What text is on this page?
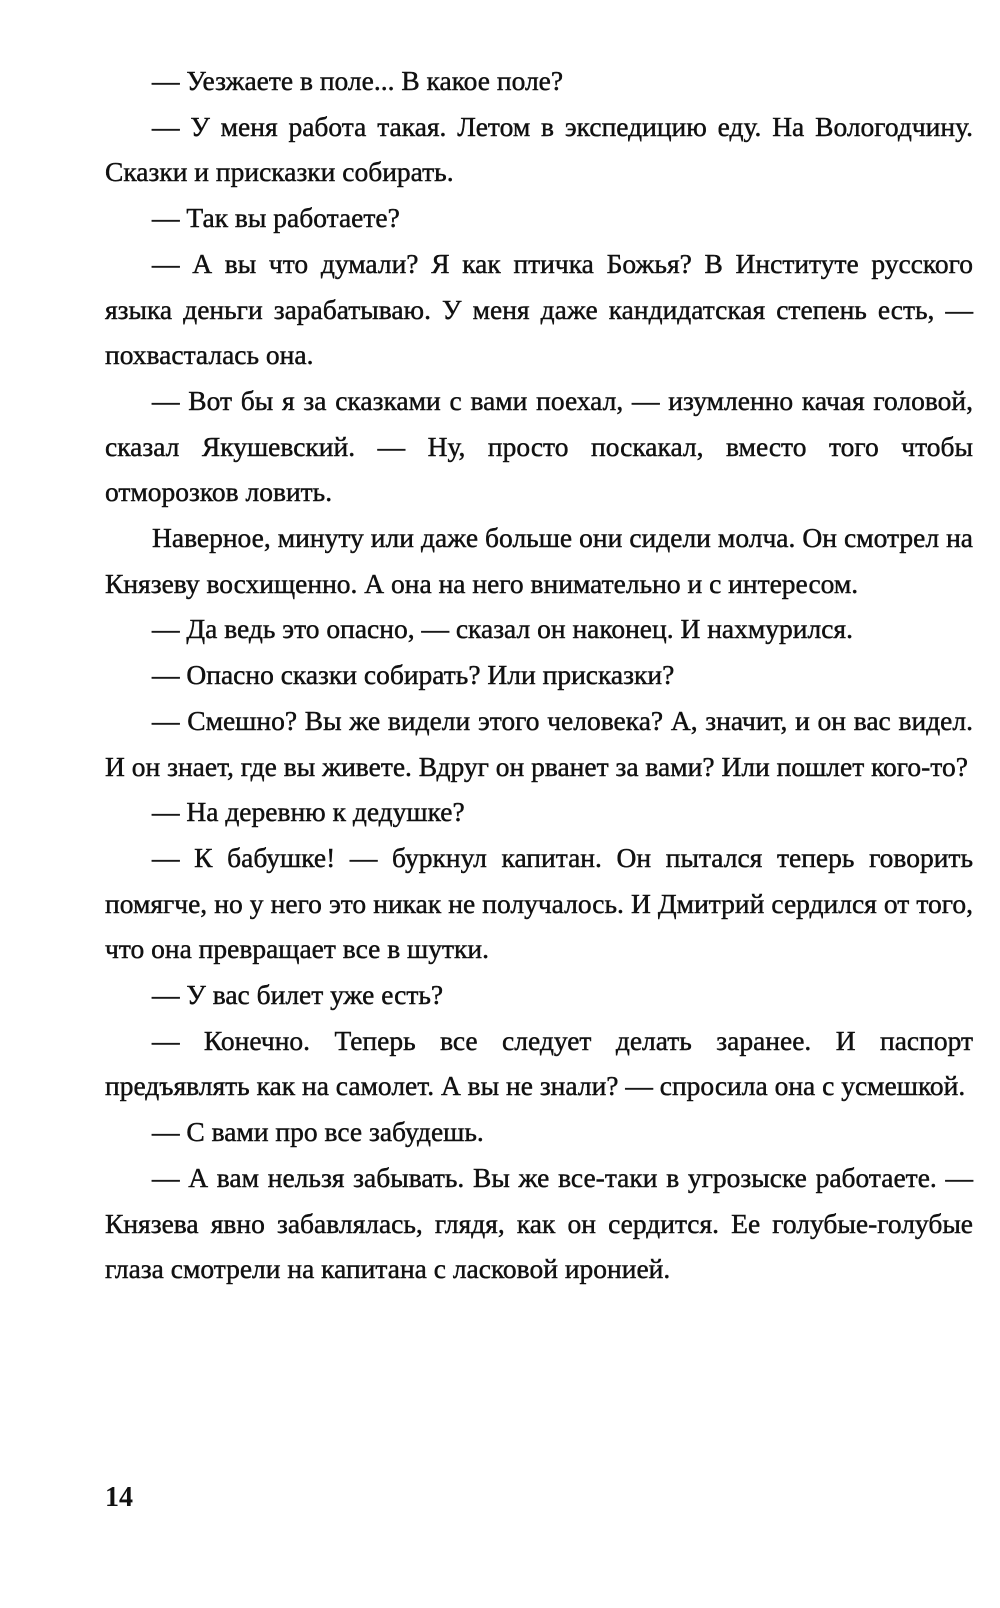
— Уезжаете в поле... В какое поле?

— У меня работа такая. Летом в экспедицию еду. На Вологодчину. Сказки и присказки собирать.

— Так вы работаете?

— А вы что думали? Я как птичка Божья? В Институте русского языка деньги зарабатываю. У меня даже кандидатская степень есть, — похвасталась она.

— Вот бы я за сказками с вами поехал, — изумленно качая головой, сказал Якушевский. — Ну, просто поскакал, вместо того чтобы отморозков ловить.

Наверное, минуту или даже больше они сидели молча. Он смотрел на Князеву восхищенно. А она на него внимательно и с интересом.

— Да ведь это опасно, — сказал он наконец. И нахмурился.

— Опасно сказки собирать? Или присказки?

— Смешно? Вы же видели этого человека? А, значит, и он вас видел. И он знает, где вы живете. Вдруг он рванет за вами? Или пошлет кого-то?

— На деревню к дедушке?

— К бабушке! — буркнул капитан. Он пытался теперь говорить помягче, но у него это никак не получалось. И Дмитрий сердился от того, что она превращает все в шутки.

— У вас билет уже есть?

— Конечно. Теперь все следует делать заранее. И паспорт предъявлять как на самолет. А вы не знали? — спросила она с усмешкой.

— С вами про все забудешь.

— А вам нельзя забывать. Вы же все-таки в угрозыске работаете. — Князева явно забавлялась, глядя, как он сердится. Ее голубые-голубые глаза смотрели на капитана с ласковой иронией.

14
